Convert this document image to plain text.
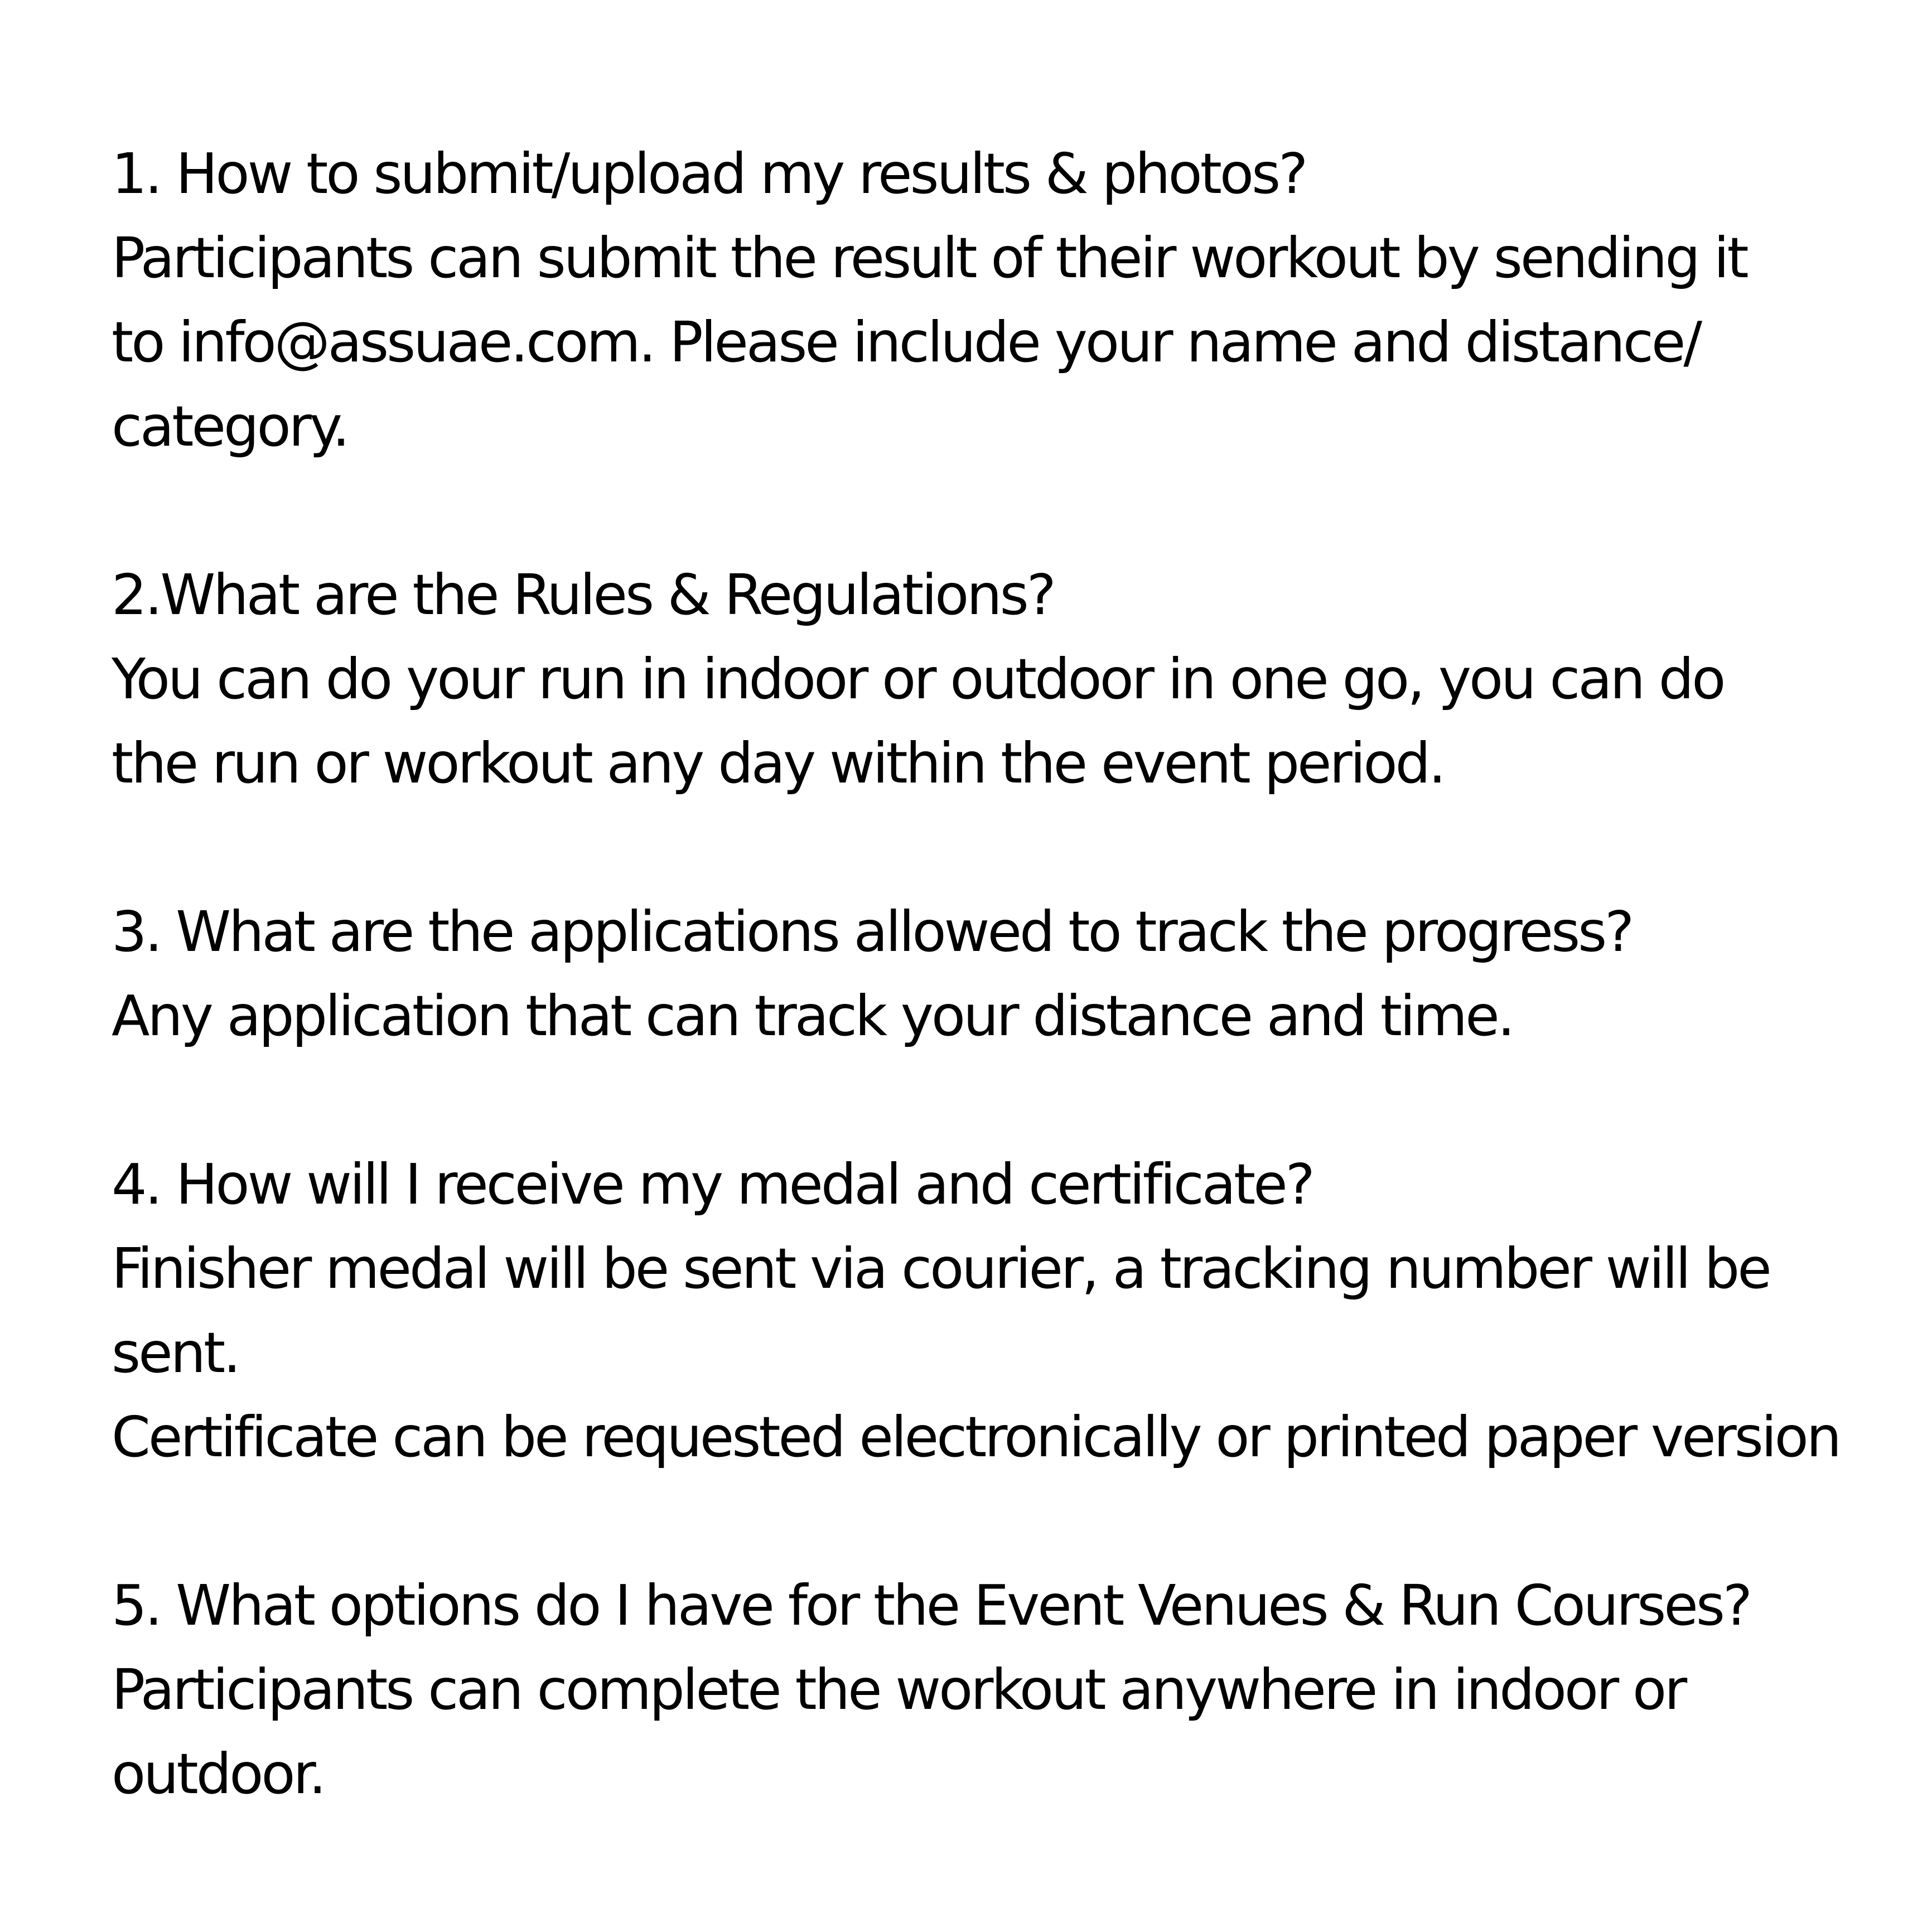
1. How to submit/upload my results & photos?
Participants can submit the result of their workout by sending it
to info@assuae.com. Please include your name and distance/
category.
2.What are the Rules & Regulations?
You can do your run in indoor or outdoor in one go, you can do
the run or workout any day within the event period.
3. What are the applications allowed to track the progress?
Any application that can track your distance and time.
4. How will I receive my medal and certificate?
Finisher medal will be sent via courier, a tracking number will be
sent.
Certificate can be requested electronically or printed paper version
5. What options do I have for the Event Venues & Run Courses?
Participants can complete the workout anywhere in indoor or
outdoor.
